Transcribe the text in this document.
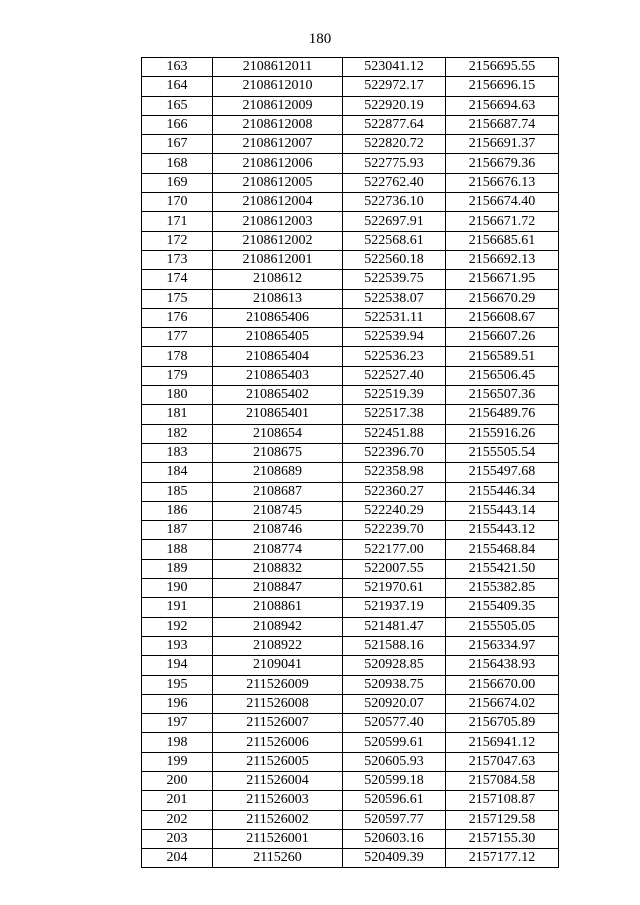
180
163	2108612011	523041.12	2156695.55
164	2108612010	522972.17	2156696.15
165	2108612009	522920.19	2156694.63
166	2108612008	522877.64	2156687.74
167	2108612007	522820.72	2156691.37
168	2108612006	522775.93	2156679.36
169	2108612005	522762.40	2156676.13
170	2108612004	522736.10	2156674.40
171	2108612003	522697.91	2156671.72
172	2108612002	522568.61	2156685.61
173	2108612001	522560.18	2156692.13
174	2108612	522539.75	2156671.95
175	2108613	522538.07	2156670.29
176	210865406	522531.11	2156608.67
177	210865405	522539.94	2156607.26
178	210865404	522536.23	2156589.51
179	210865403	522527.40	2156506.45
180	210865402	522519.39	2156507.36
181	210865401	522517.38	2156489.76
182	2108654	522451.88	2155916.26
183	2108675	522396.70	2155505.54
184	2108689	522358.98	2155497.68
185	2108687	522360.27	2155446.34
186	2108745	522240.29	2155443.14
187	2108746	522239.70	2155443.12
188	2108774	522177.00	2155468.84
189	2108832	522007.55	2155421.50
190	2108847	521970.61	2155382.85
191	2108861	521937.19	2155409.35
192	2108942	521481.47	2155505.05
193	2108922	521588.16	2156334.97
194	2109041	520928.85	2156438.93
195	211526009	520938.75	2156670.00
196	211526008	520920.07	2156674.02
197	211526007	520577.40	2156705.89
198	211526006	520599.61	2156941.12
199	211526005	520605.93	2157047.63
200	211526004	520599.18	2157084.58
201	211526003	520596.61	2157108.87
202	211526002	520597.77	2157129.58
203	211526001	520603.16	2157155.30
204	2115260	520409.39	2157177.12
